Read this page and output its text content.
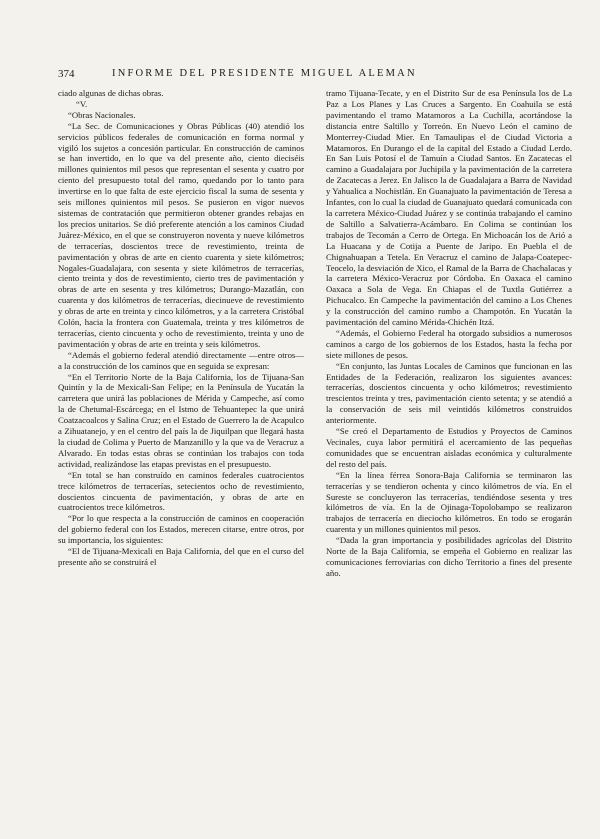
374	INFORME DEL PRESIDENTE MIGUEL ALEMAN

ciado algunas de dichas obras.

“V.

“Obras Nacionales.

“La Sec. de Comunicaciones y Obras Públicas (40) atendió los servicios públicos federales de comunicación en forma normal y vigiló los sujetos a concesión particular. En construcción de caminos se han invertido, en lo que va del presente año, ciento dieciséis millones quinientos mil pesos que representan el sesenta y cuatro por ciento del presupuesto total del ramo, quedando por lo tanto para invertirse en lo que falta de este ejercicio fiscal la suma de sesenta y seis millones quinientos mil pesos. Se pusieron en vigor nuevos sistemas de contratación que permitieron obtener grandes rebajas en los precios unitarios. Se dió preferente atención a los caminos Ciudad Juárez-México, en el que se construyeron noventa y nueve kilómetros de terracerías, doscientos trece de revestimiento, treinta de pavimentación y obras de arte en ciento cuarenta y siete kilómetros; Nogales-Guadalajara, con sesenta y siete kilómetros de terracerías, ciento treinta y dos de revestimiento, cierto tres de pavimentación y obras de arte en sesenta y tres kilómetros; Durango-Mazatlán, con cuarenta y dos kilómetros de terracerías, diecinueve de revestimiento y obras de arte en treinta y cinco kilómetros, y a la carretera Cristóbal Colón, hacia la frontera con Guatemala, treinta y tres kilómetros de terracerías, ciento cincuenta y ocho de revestimiento, treinta y uno de pavimentación y obras de arte en treinta y seis kilómetros.

“Además el gobierno federal atendió directamente —entre otros— a la construcción de los caminos que en seguida se expresan:

“En el Territorio Norte de la Baja California, los de Tijuana-San Quintín y la de Mexicali-San Felipe; en la Península de Yucatán la carretera que unirá las poblaciones de Mérida y Campeche, así como la de Chetumal-Escárcega; en el Istmo de Tehuantepec la que unirá Coatzacoalcos y Salina Cruz; en el Estado de Guerrero la de Acapulco a Zihuatanejo, y en el centro del país la de Jiquilpan que llegará hasta la ciudad de Colima y Puerto de Manzanillo y la que va de Veracruz a Alvarado. En todas estas obras se continúan los trabajos con toda actividad, realizándose las etapas previstas en el presupuesto.

“En total se han construído en caminos federales cuatrocientos trece kilómetros de terracerías, setecientos ocho de revestimiento, doscientos cincuenta de pavimentación, y obras de arte en cuatrocientos trece kilómetros.

“Por lo que respecta a la construcción de caminos en cooperación del gobierno federal con los Estados, merecen citarse, entre otros, por su importancia, los siguientes:

“El de Tijuana-Mexicali en Baja California, del que en el curso del presente año se construirá el

tramo Tijuana-Tecate, y en el Distrito Sur de esa Península los de La Paz a Los Planes y Las Cruces a Sargento. En Coahuila se está pavimentando el tramo Matamoros a La Cuchilla, acortándose la distancia entre Saltillo y Torreón. En Nuevo León el camino de Monterrey-Ciudad Mier. En Tamaulipas el de Ciudad Victoria a Matamoros. En Durango el de la capital del Estado a Ciudad Lerdo. En San Luis Potosí el de Tamuín a Ciudad Santos. En Zacatecas el camino a Guadalajara por Juchipila y la pavimentación de la carretera de Zacatecas a Jerez. En Jalisco la de Guadalajara a Barra de Navidad y Yahualica a Nochistlán. En Guanajuato la pavimentación de Teresa a Infantes, con lo cual la ciudad de Guanajuato quedará comunicada con la carretera México-Ciudad Juárez y se continúa trabajando el camino de Saltillo a Salvatierra-Acámbaro. En Colima se continúan los trabajos de Tecomán a Cerro de Ortega. En Michoacán los de Arió a La Huacana y de Cotija a Puente de Jaripo. En Puebla el de Chignahuapan a Tetela. En Veracruz el camino de Jalapa-Coatepec-Teocelo, la desviación de Xico, el Ramal de la Barra de Chachalacas y la carretera México-Veracruz por Córdoba. En Oaxaca el camino Oaxaca a Sola de Vega. En Chiapas el de Tuxtla Gutiérrez a Pichucalco. En Campeche la pavimentación del camino a Los Chenes y la construcción del camino rumbo a Champotón. En Yucatán la pavimentación del camino Mérida-Chichén Itzá.

“Además, el Gobierno Federal ha otorgado subsidios a numerosos caminos a cargo de los gobiernos de los Estados, hasta la fecha por siete millones de pesos.

“En conjunto, las Juntas Locales de Caminos que funcionan en las Entidades de la Federación, realizaron los siguientes avances: terracerías, doscientos cincuenta y ocho kilómetros; revestimiento trescientos treinta y tres, pavimentación ciento setenta; y se atendió a la conservación de seis mil veintidós kilómetros construidos anteriormente.

“Se creó el Departamento de Estudios y Proyectos de Caminos Vecinales, cuya labor permitirá el acercamiento de las pequeñas comunidades que se encuentran aisladas económica y culturalmente del resto del país.

“En la línea férrea Sonora-Baja California se terminaron las terracerías y se tendieron ochenta y cinco kilómetros de vía. En el Sureste se concluyeron las terracerías, tendiéndose sesenta y tres kilómetros de vía. En la de Ojinaga-Topolobampo se realizaron trabajos de terracería en dieciocho kilómetros. En todo se erogarán cuarenta y un millones quinientos mil pesos.

“Dada la gran importancia y posibilidades agrícolas del Distrito Norte de la Baja California, se empeña el Gobierno en realizar las comunicaciones ferroviarias con dicho Territorio a fines del presente año.
